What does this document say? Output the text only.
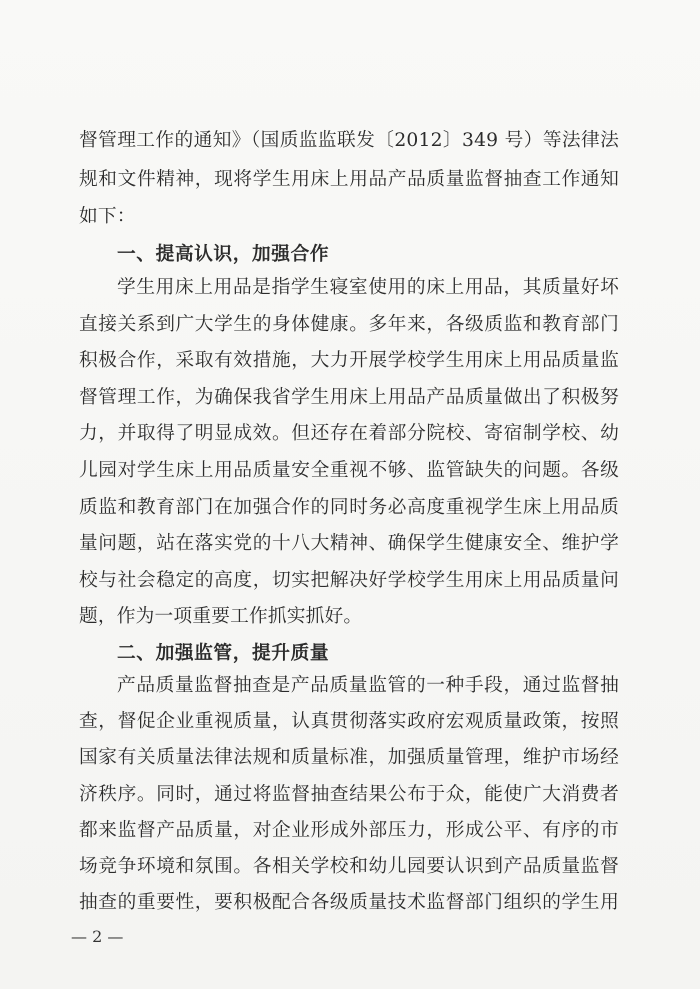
督管理工作的通知》（国质监监联发〔2012〕349 号）等法律法
规和文件精神，现将学生用床上用品产品质量监督抽查工作通知
如下：
一、提高认识，加强合作
学生用床上用品是指学生寝室使用的床上用品，其质量好坏
直接关系到广大学生的身体健康。多年来，各级质监和教育部门
积极合作，采取有效措施，大力开展学校学生用床上用品质量监
督管理工作，为确保我省学生用床上用品产品质量做出了积极努
力，并取得了明显成效。但还存在着部分院校、寄宿制学校、幼
儿园对学生床上用品质量安全重视不够、监管缺失的问题。各级
质监和教育部门在加强合作的同时务必高度重视学生床上用品质
量问题，站在落实党的十八大精神、确保学生健康安全、维护学
校与社会稳定的高度，切实把解决好学校学生用床上用品质量问
题，作为一项重要工作抓实抓好。
二、加强监管，提升质量
产品质量监督抽查是产品质量监管的一种手段，通过监督抽
查，督促企业重视质量，认真贯彻落实政府宏观质量政策，按照
国家有关质量法律法规和质量标准，加强质量管理，维护市场经
济秩序。同时，通过将监督抽查结果公布于众，能使广大消费者
都来监督产品质量，对企业形成外部压力，形成公平、有序的市
场竞争环境和氛围。各相关学校和幼儿园要认识到产品质量监督
抽查的重要性，要积极配合各级质量技术监督部门组织的学生用
— 2 —
